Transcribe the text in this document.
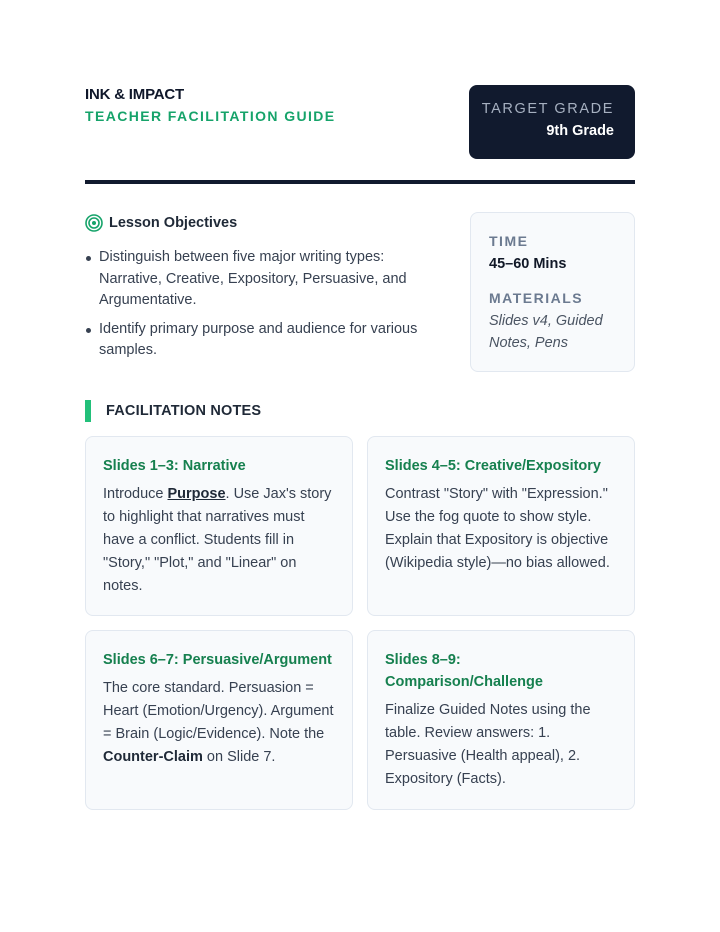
INK & IMPACT
TEACHER FACILITATION GUIDE	TARGET GRADE
9th Grade
Lesson Objectives
Distinguish between five major writing types: Narrative, Creative, Expository, Persuasive, and Argumentative.
Identify primary purpose and audience for various samples.
TIME
45–60 Mins
MATERIALS
Slides v4, Guided Notes, Pens
FACILITATION NOTES
Slides 1–3: Narrative
Introduce Purpose. Use Jax's story to highlight that narratives must have a conflict. Students fill in "Story," "Plot," and "Linear" on notes.
Slides 4–5: Creative/Expository
Contrast "Story" with "Expression." Use the fog quote to show style. Explain that Expository is objective (Wikipedia style)—no bias allowed.
Slides 6–7: Persuasive/Argument
The core standard. Persuasion = Heart (Emotion/Urgency). Argument = Brain (Logic/Evidence). Note the Counter-Claim on Slide 7.
Slides 8–9: Comparison/Challenge
Finalize Guided Notes using the table. Review answers: 1. Persuasive (Health appeal), 2. Expository (Facts).
